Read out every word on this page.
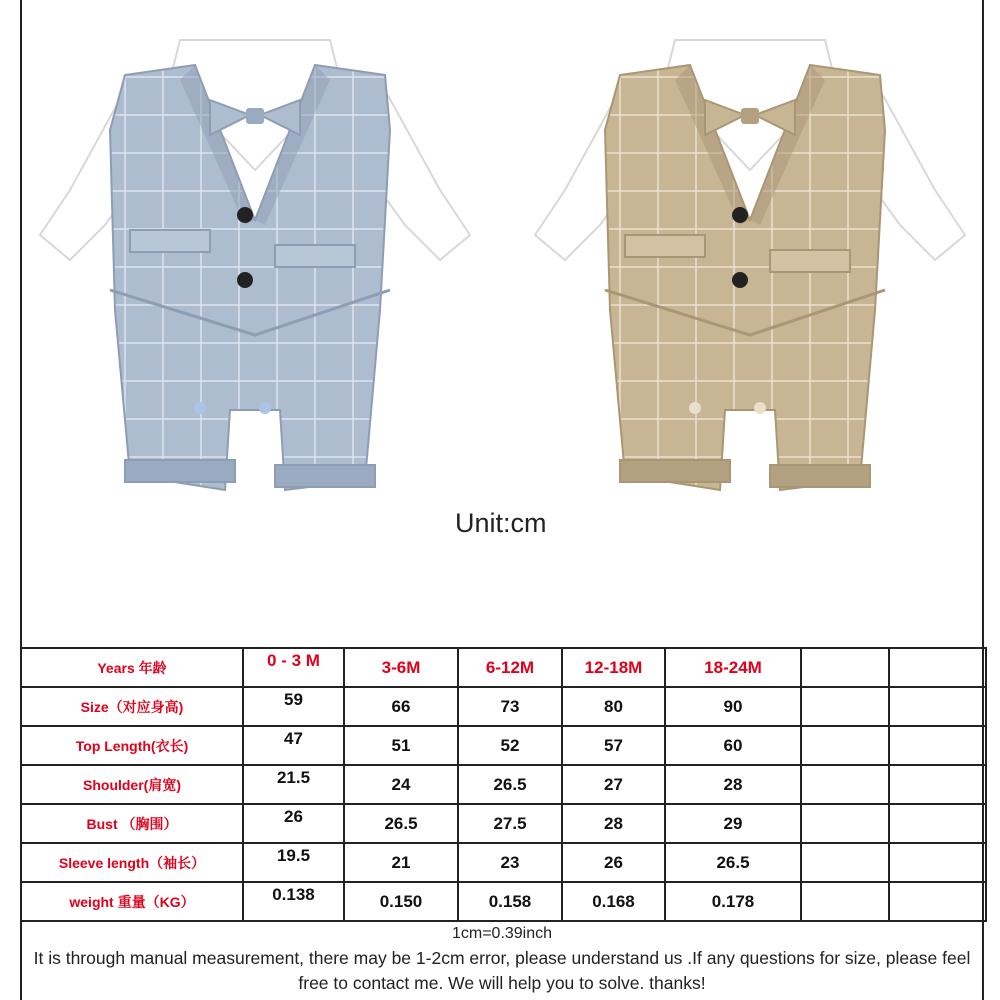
Unit:cm
Years 年龄	0 - 3 M	3-6M	6-12M	12-18M	18-24M		
Size（对应身高)	59	66	73	80	90		
Top Length(衣长)	47	51	52	57	60		
Shoulder(肩宽)	21.5	24	26.5	27	28		
Bust （胸围）	26	26.5	27.5	28	29		
Sleeve length（袖长）	19.5	21	23	26	26.5		
weight 重量（KG）	0.138	0.150	0.158	0.168	0.178		
1cm=0.39inch
It is through manual measurement, there may be 1-2cm error, please understand us .If any questions for size, please feel free to contact me. We will help you to solve. thanks!
